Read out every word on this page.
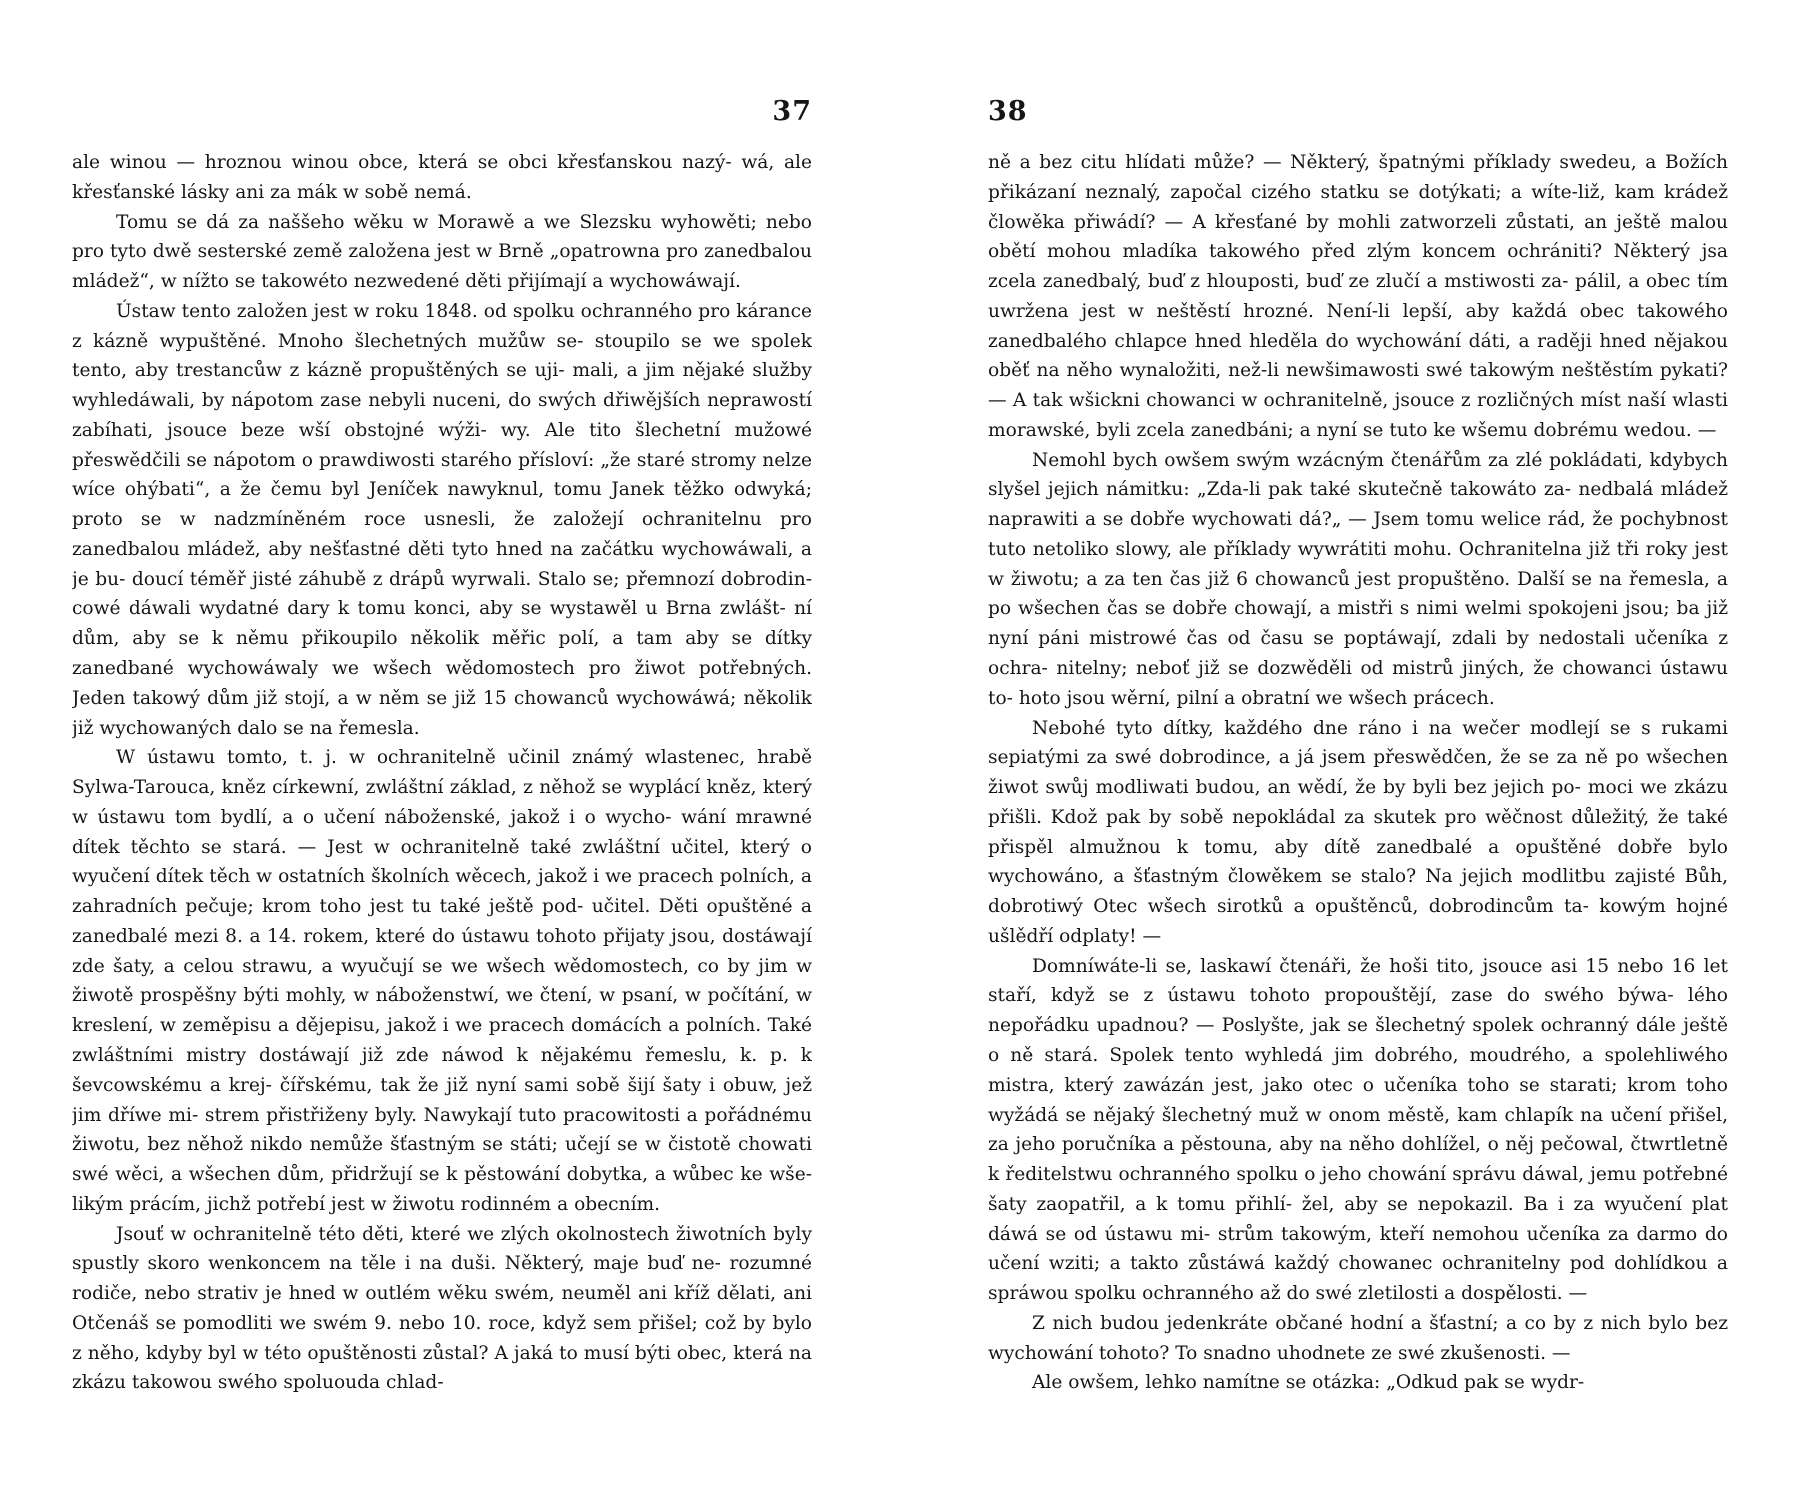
37

ale winou — hroznou winou obce, která se obci křesťanskou nazý- wá, ale křesťanské lásky ani za mák w sobě nemá.

Tomu se dá za naššeho wěku w Morawě a we Slezsku wyhowěti; nebo pro tyto dwě sesterské země založena jest w Brně „opatrowna pro zanedbalou mládež“, w nížto se takowéto nezwedené děti přijímají a wychowáwají.

Ústaw tento založen jest w roku 1848. od spolku ochranného pro kárance z kázně wypuštěné. Mnoho šlechetných mužůw se- stoupilo se we spolek tento, aby trestancůw z kázně propuštěných se uji- mali, a jim nějaké služby wyhledáwali, by nápotom zase nebyli nuceni, do swých dřiwějších neprawostí zabíhati, jsouce beze wší obstojné wýži- wy. Ale tito šlechetní mužowé přeswědčili se nápotom o prawdiwosti starého přísloví: „že staré stromy nelze wíce ohýbati“, a že čemu byl Jeníček nawyknul, tomu Janek těžko odwyká; proto se w nadzmíněném roce usnesli, že založejí ochranitelnu pro zanedbalou mládež, aby nešťastné děti tyto hned na začátku wychowáwali, a je bu- doucí téměř jisté záhubě z drápů wyrwali. Stalo se; přemnozí dobrodin- cowé dáwali wydatné dary k tomu konci, aby se wystawěl u Brna zwlášt- ní dům, aby se k němu přikoupilo několik měřic polí, a tam aby se dítky zanedbané wychowáwaly we wšech wědomostech pro žiwot potřebných. Jeden takowý dům již stojí, a w něm se již 15 chowanců wychowáwá; několik již wychowaných dalo se na řemesla.

W ústawu tomto, t. j. w ochranitelně učinil známý wlastenec, hrabě Sylwa-Tarouca, kněz církewní, zwláštní základ, z něhož se wyplácí kněz, který w ústawu tom bydlí, a o učení náboženské, jakož i o wycho- wání mrawné dítek těchto se stará. — Jest w ochranitelně také zwláštní učitel, který o wyučení dítek těch w ostatních školních wěcech, jakož i we pracech polních, a zahradních pečuje; krom toho jest tu také ještě pod- učitel. Děti opuštěné a zanedbalé mezi 8. a 14. rokem, které do ústawu tohoto přijaty jsou, dostáwají zde šaty, a celou strawu, a wyučují se we wšech wědomostech, co by jim w žiwotě prospěšny býti mohly, w náboženstwí, we čtení, w psaní, w počítání, w kreslení, w zeměpisu a dějepisu, jakož i we pracech domácích a polních. Také zwláštními mistry dostáwají již zde náwod k nějakému řemeslu, k. p. k ševcowskému a krej- čířskému, tak že již nyní sami sobě šijí šaty i obuw, jež jim dříwe mi- strem přistřiženy byly. Nawykají tuto pracowitosti a pořádnému žiwotu, bez něhož nikdo nemůže šťastným se státi; učejí se w čistotě chowati swé wěci, a wšechen dům, přidržují se k pěstowání dobytka, a wůbec ke wše- likým prácím, jichž potřebí jest w žiwotu rodinném a obecním.

Jsouť w ochranitelně této děti, které we zlých okolnostech žiwotních byly spustly skoro wenkoncem na těle i na duši. Některý, maje buď ne- rozumné rodiče, nebo strativ je hned w outlém wěku swém, neuměl ani kříž dělati, ani Otčenáš se pomodliti we swém 9. nebo 10. roce, když sem přišel; což by bylo z něho, kdyby byl w této opuštěnosti zůstal? A jaká to musí býti obec, která na zkázu takowou swého spoluouda chlad-

38

ně a bez citu hlídati může? — Některý, špatnými příklady swedeu, a Božích přikázaní neznalý, započal cizého statku se dotýkati; a wíte-liž, kam krádež člowěka přiwádí? — A křesťané by mohli zatworzeli zůstati, an ještě malou obětí mohou mladíka takowého před zlým koncem ochrániti? Některý jsa zcela zanedbalý, buď z hlouposti, buď ze zlučí a mstiwosti za- pálil, a obec tím uwržena jest w neštěstí hrozné. Není-li lepší, aby každá obec takowého zanedbaléhо chlapce hned hleděla do wychowání dáti, a raději hned nějakou oběť na něho wynaložiti, než-li newšimawosti swé takowým neštěstím pykati? — A tak wšickni chowanci w ochranitelně, jsouce z rozličných míst naší wlasti morawské, byli zcela zanedbáni; a nyní se tuto ke wšemu dobrému wedou. —

Nemohl bych owšem swým wzácným čtenářům za zlé pokládati, kdybych slyšel jejich námitku: „Zda-li pak také skutečně takowáto za- nedbalá mládež naprawiti a se dobře wychowati dá?„ — Jsem tomu welice rád, že pochybnost tuto netoliko slowy, ale příklady wywrátiti mohu. Ochranitelna již tři roky jest w žiwotu; a za ten čas již 6 chowanců jest propuštěno. Další se na řemesla, a po wšechen čas se dobře chowají, a mistři s nimi welmi spokojeni jsou; ba již nyní páni mistrowé čas od času se poptáwají, zdali by nedostali učeníka z ochra- nitelny; neboť již se dozwěděli od mistrů jiných, že chowanci ústawu to- hoto jsou wěrní, pilní a obratní we wšech prácech.

Nebohé tyto dítky, každého dne ráno i na wečer modlejí se s rukami sepiatými za swé dobrodince, a já jsem přeswědčen, že se za ně po wšechen žiwot swůj modliwati budou, an wědí, že by byli bez jejich po- moci we zkázu přišli. Kdož pak by sobě nepokládal za skutek pro wěčnost důležitý, že také přispěl almužnou k tomu, aby dítě zanedbalé a opuštěné dobře bylo wychowáno, a šťastným člowěkem se stalo? Na jejich modlitbu zajisté Bůh, dobrotiwý Otec wšech sirotků a opuštěnců, dobrodincům ta- kowým hojné ušlědří odplaty! —

Domníwáte-li se, laskawí čtenáři, že hoši tito, jsouce asi 15 nebo 16 let staří, když se z ústawu tohoto propouštějí, zase do swého býwa- lého nepořádku upadnou? — Poslyšte, jak se šlechetný spolek ochranný dále ještě o ně stará. Spolek tento wyhledá jim dobrého, moudrého, a spolehliwého mistra, který zawázán jest, jako otec o učeníka toho se starati; krom toho wyžádá se nějaký šlechetný muž w onom městě, kam chlapík na učení přišel, za jeho poručníka a pěstouna, aby na něho dohlížel, o něj pečowal, čtwrtletně k ředitelstwu ochranného spolku o jeho chowání správu dáwal, jemu potřebné šaty zaopatřil, a k tomu přihlí- žel, aby se nepokazil. Ba i za wyučení plat dáwá se od ústawu mi- strům takowým, kteří nemohou učeníka za darmo do učení wziti; a takto zůstáwá každý chowanec ochranitelny pod dohlídkou a spráwou spolku ochranného až do swé zletilosti a dospělosti. —

Z nich budou jedenkráte občané hodní a šťastní; a co by z nich bylo bez wychowání tohoto? To snadno uhodnete ze swé zkušenosti. —

Ale owšem, lehko namítne se otázka: „Odkud pak se wydr-
